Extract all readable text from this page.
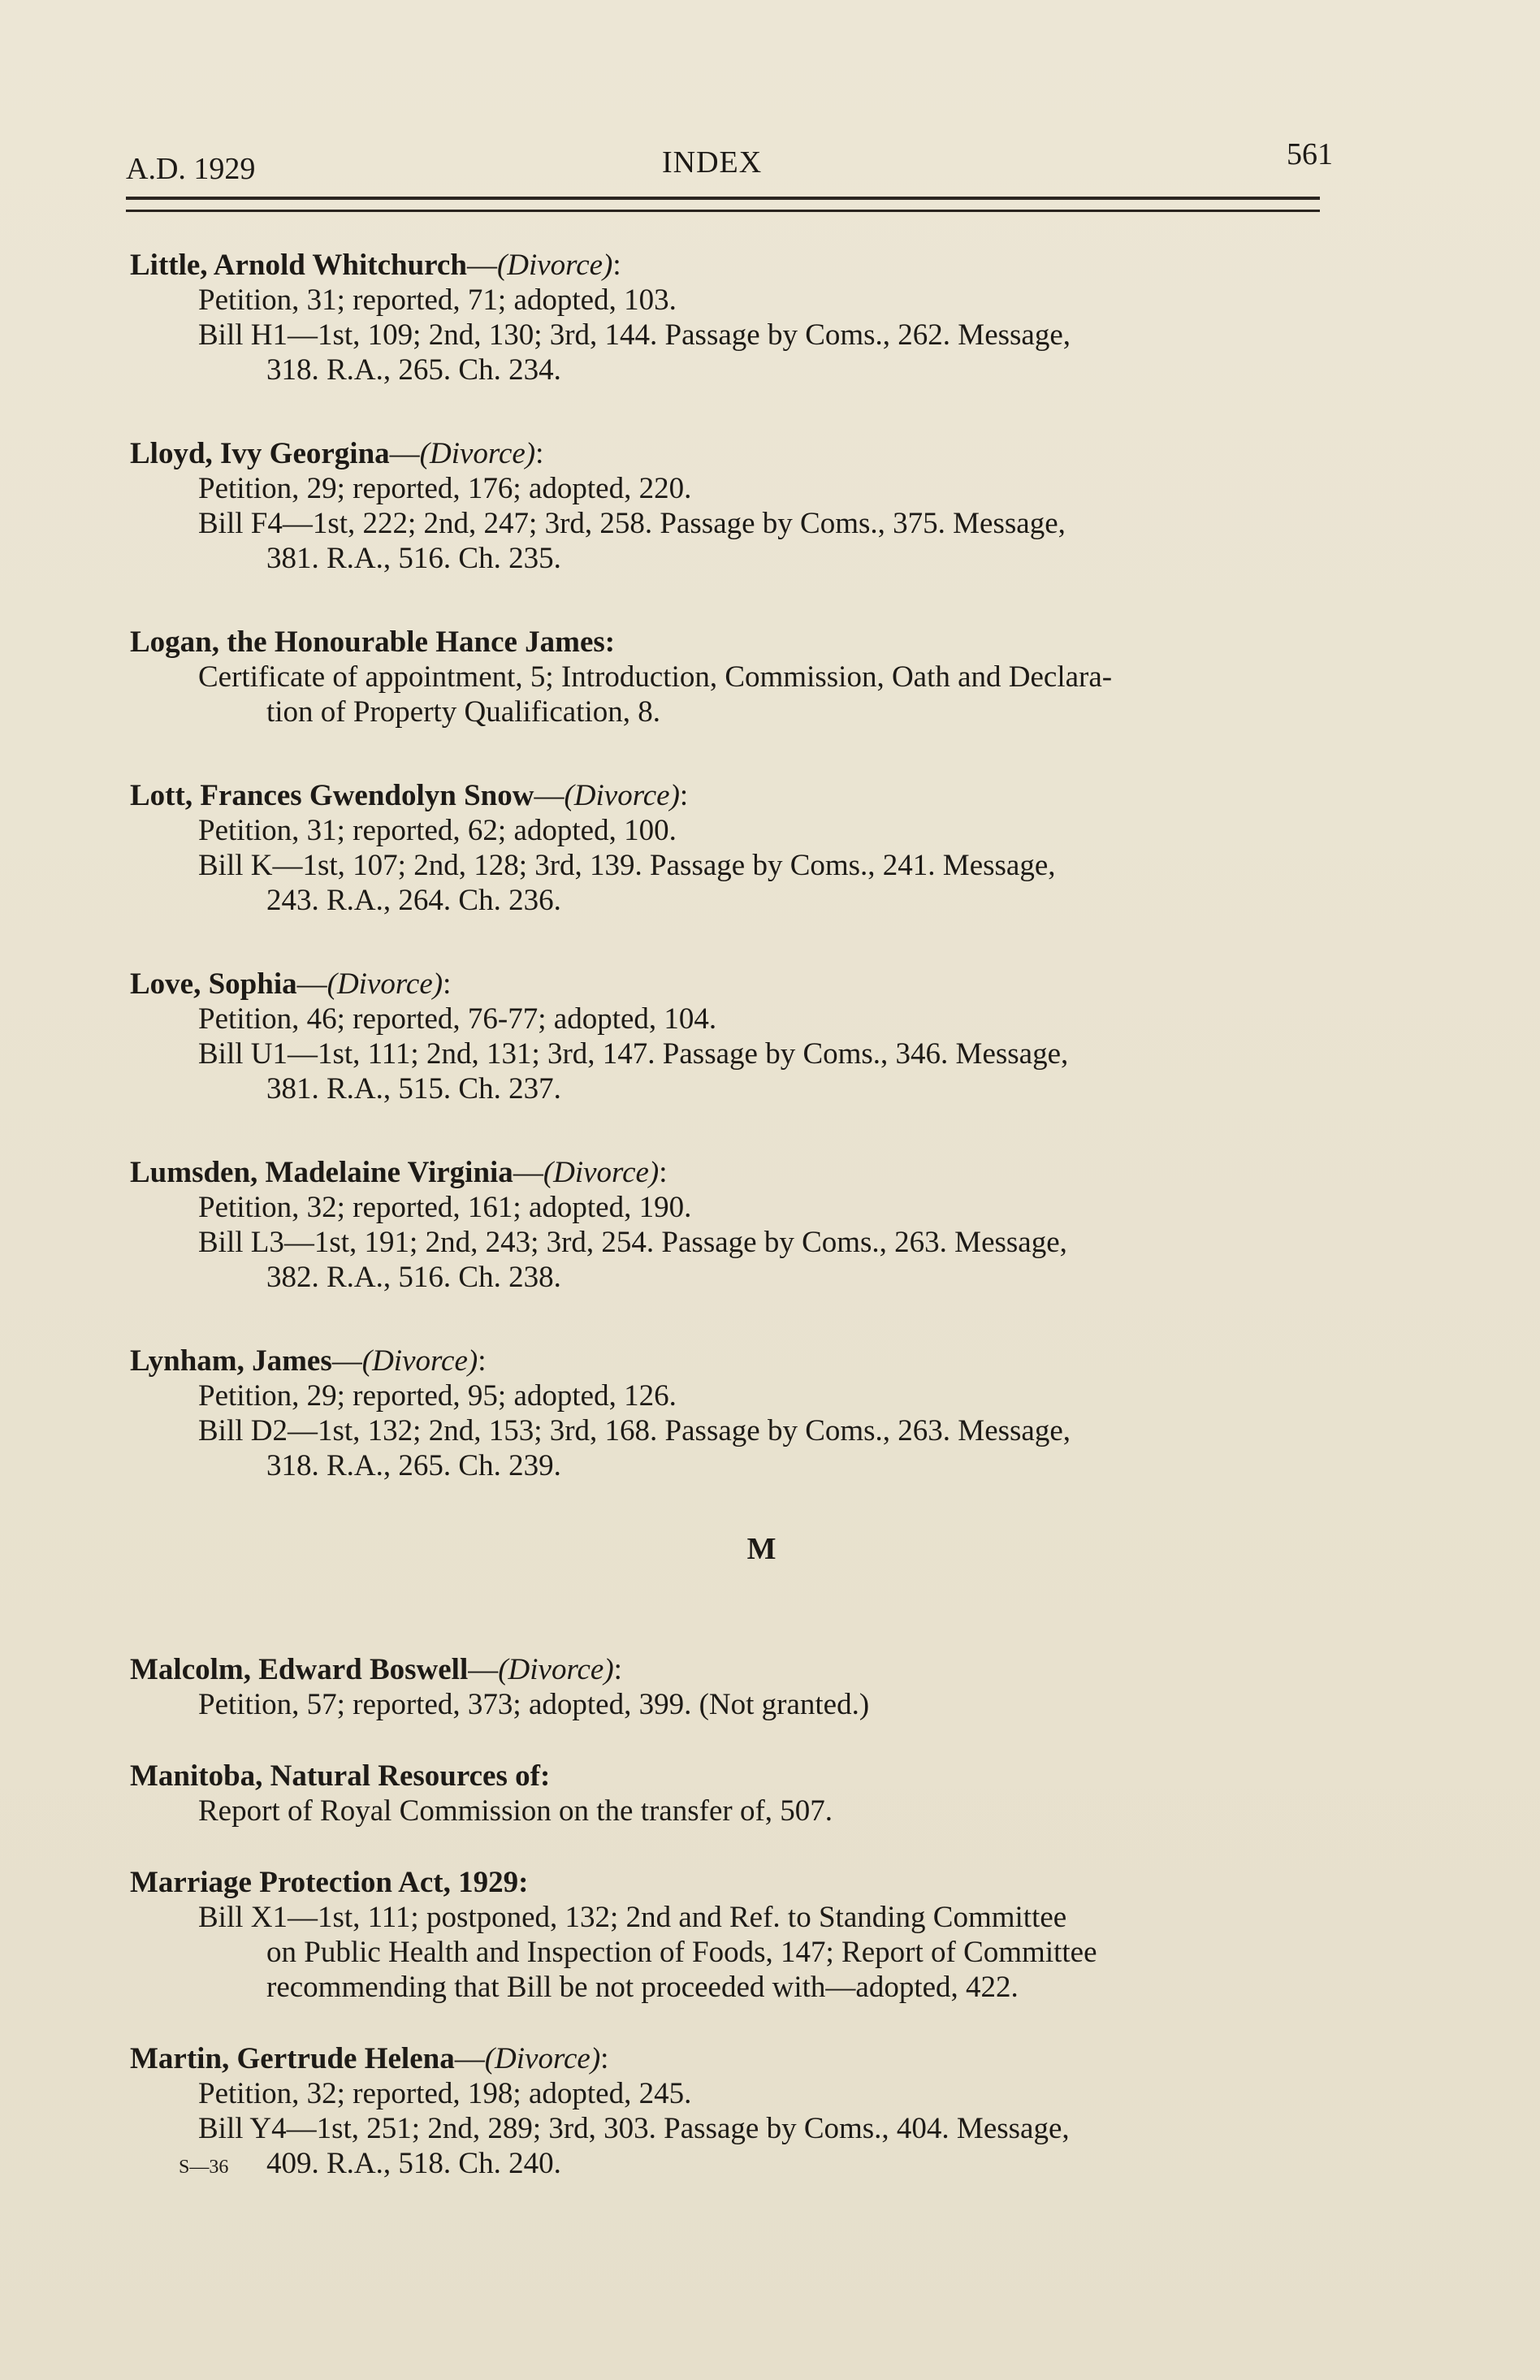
A.D. 1929	INDEX	561
Little, Arnold Whitchurch—(Divorce):
Petition, 31; reported, 71; adopted, 103.
Bill H1—1st, 109; 2nd, 130; 3rd, 144. Passage by Coms., 262. Message,
318. R.A., 265. Ch. 234.
Lloyd, Ivy Georgina—(Divorce):
Petition, 29; reported, 176; adopted, 220.
Bill F4—1st, 222; 2nd, 247; 3rd, 258. Passage by Coms., 375. Message,
381. R.A., 516. Ch. 235.
Logan, the Honourable Hance James:
Certificate of appointment, 5; Introduction, Commission, Oath and Declara-
tion of Property Qualification, 8.
Lott, Frances Gwendolyn Snow—(Divorce):
Petition, 31; reported, 62; adopted, 100.
Bill K—1st, 107; 2nd, 128; 3rd, 139. Passage by Coms., 241. Message,
243. R.A., 264. Ch. 236.
Love, Sophia—(Divorce):
Petition, 46; reported, 76-77; adopted, 104.
Bill U1—1st, 111; 2nd, 131; 3rd, 147. Passage by Coms., 346. Message,
381. R.A., 515. Ch. 237.
Lumsden, Madelaine Virginia—(Divorce):
Petition, 32; reported, 161; adopted, 190.
Bill L3—1st, 191; 2nd, 243; 3rd, 254. Passage by Coms., 263. Message,
382. R.A., 516. Ch. 238.
Lynham, James—(Divorce):
Petition, 29; reported, 95; adopted, 126.
Bill D2—1st, 132; 2nd, 153; 3rd, 168. Passage by Coms., 263. Message,
318. R.A., 265. Ch. 239.
M
Malcolm, Edward Boswell—(Divorce):
Petition, 57; reported, 373; adopted, 399. (Not granted.)
Manitoba, Natural Resources of:
Report of Royal Commission on the transfer of, 507.
Marriage Protection Act, 1929:
Bill X1—1st, 111; postponed, 132; 2nd and Ref. to Standing Committee
on Public Health and Inspection of Foods, 147; Report of Committee
recommending that Bill be not proceeded with—adopted, 422.
Martin, Gertrude Helena—(Divorce):
Petition, 32; reported, 198; adopted, 245.
Bill Y4—1st, 251; 2nd, 289; 3rd, 303. Passage by Coms., 404. Message,
409. R.A., 518. Ch. 240.
S—36
